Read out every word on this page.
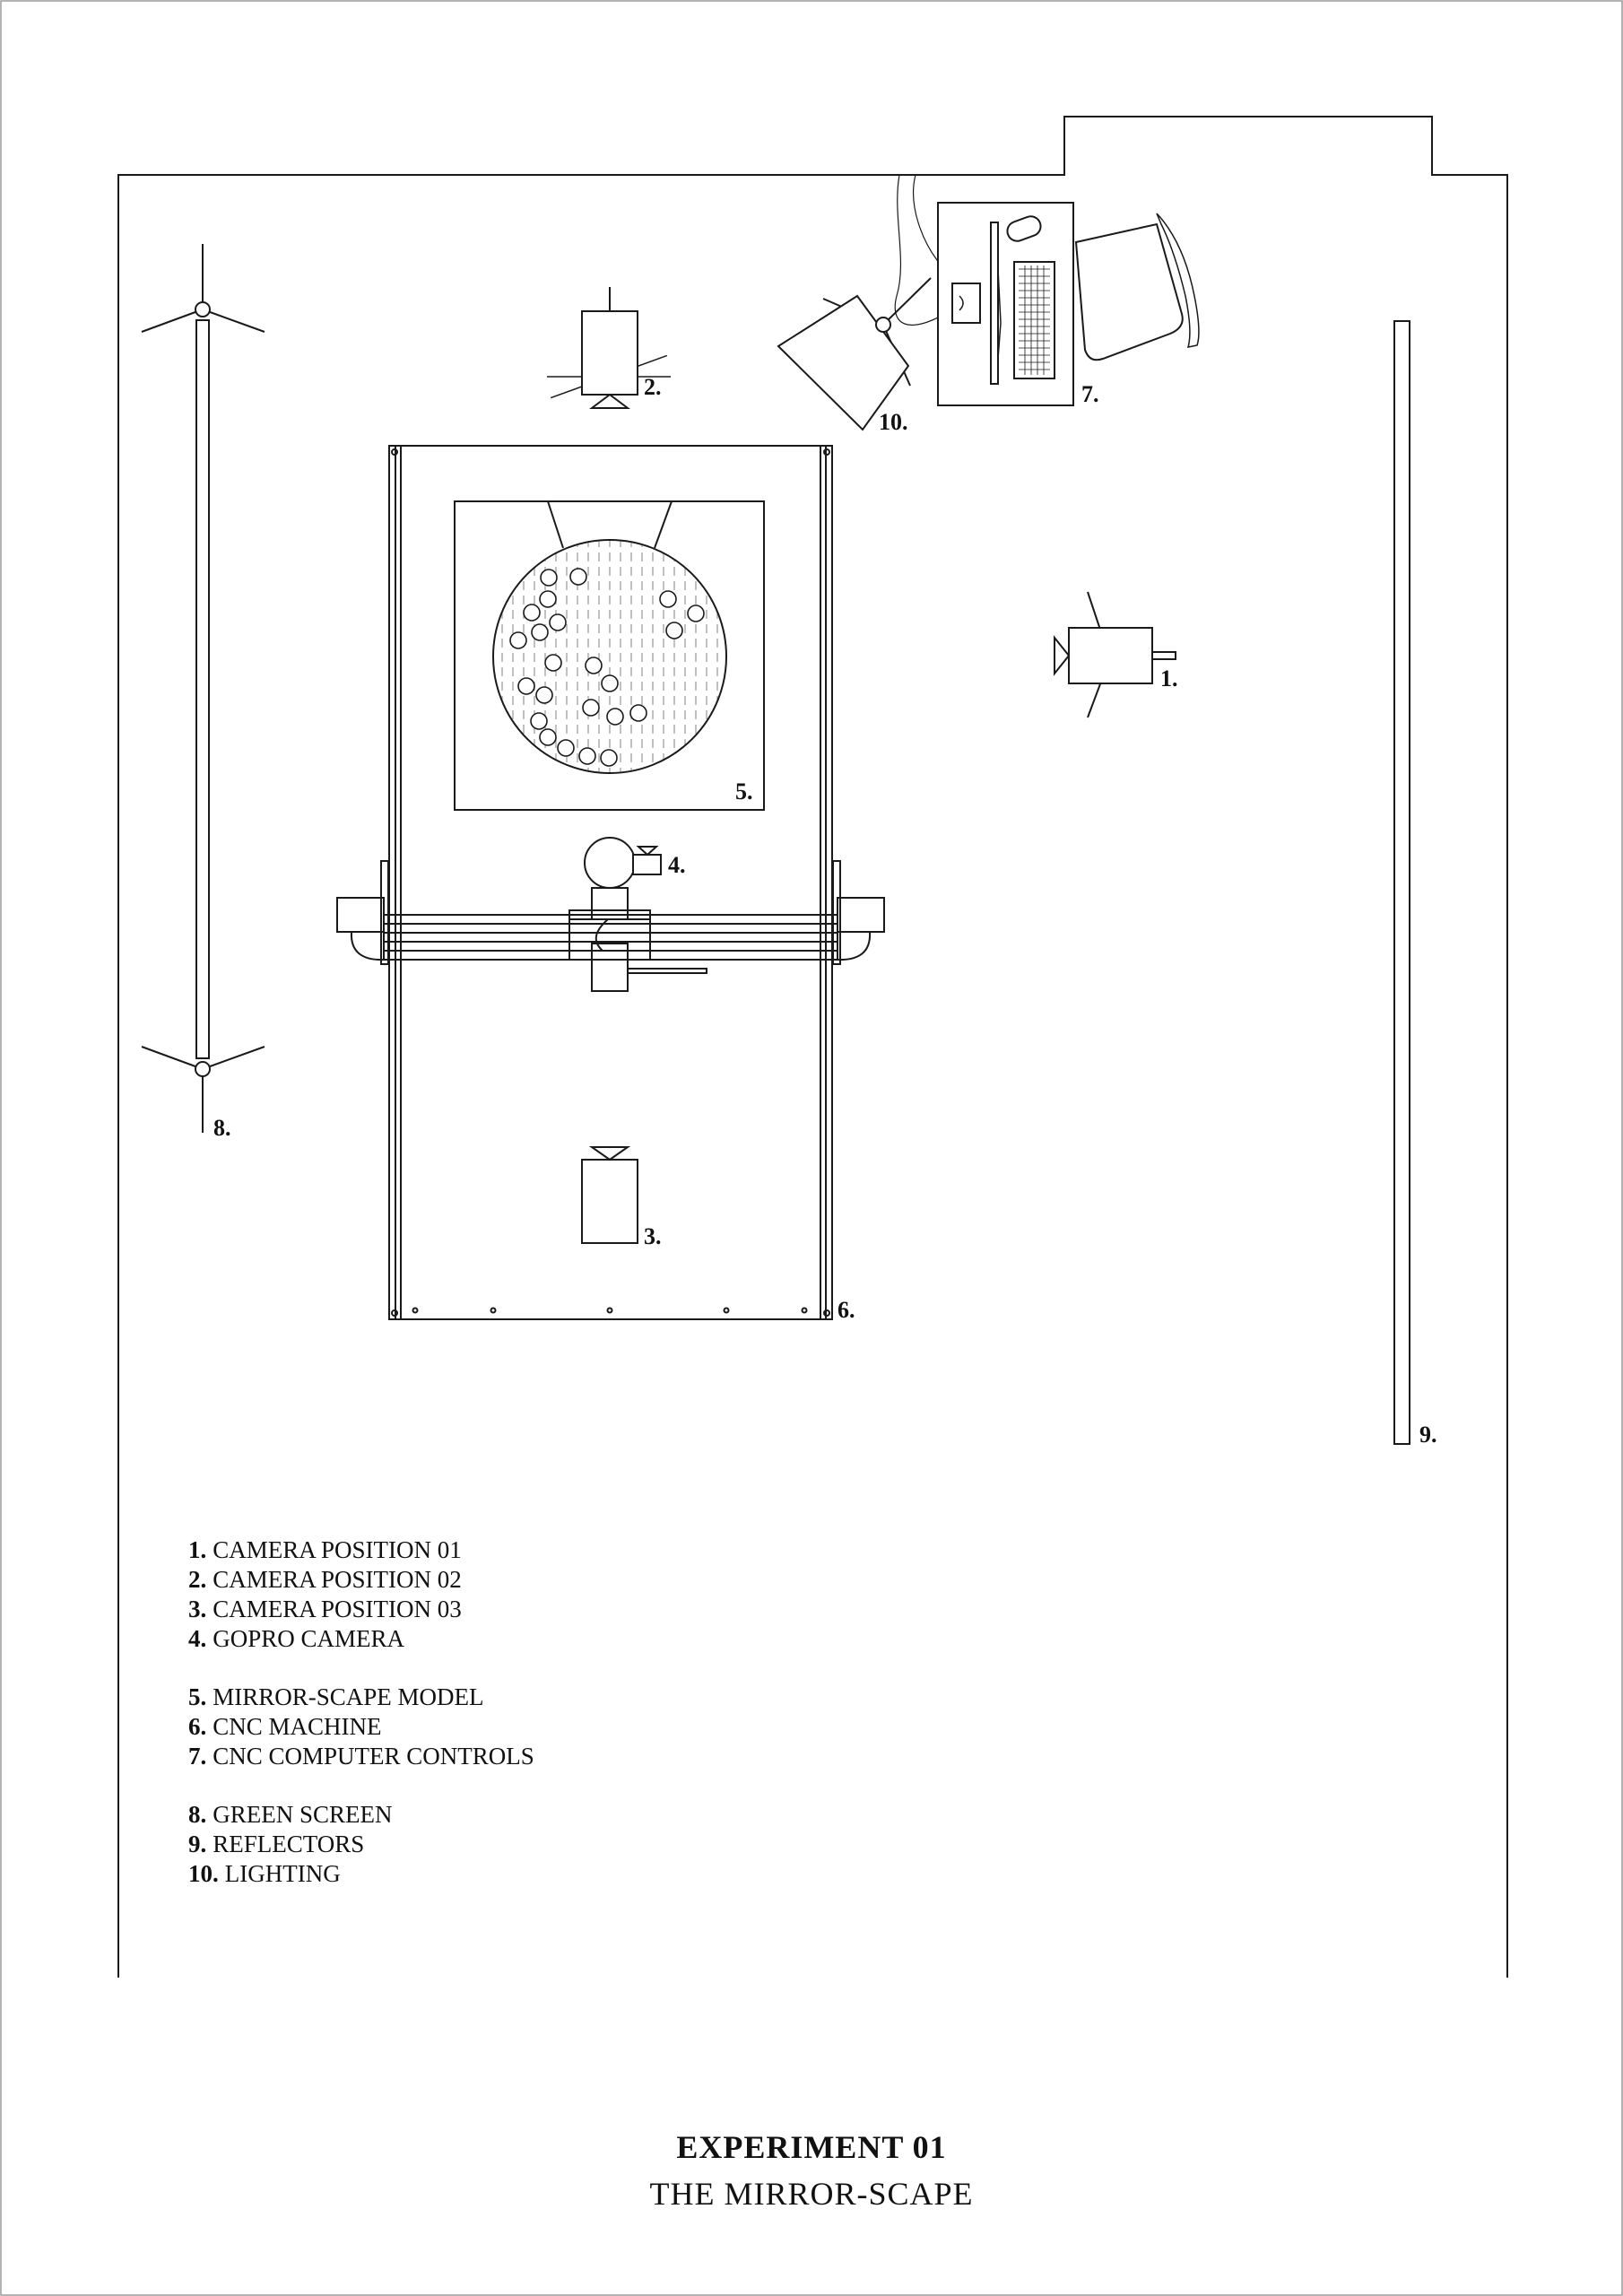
8.
2.
10.
7.
9.
1.
6.
4.
5.
3.
1. CAMERA POSITION 01
2. CAMERA POSITION 02
3. CAMERA POSITION 03
4. GOPRO CAMERA
5. MIRROR-SCAPE MODEL
6. CNC MACHINE
7. CNC COMPUTER CONTROLS
8. GREEN SCREEN
9. REFLECTORS
10. LIGHTING
EXPERIMENT 01
THE MIRROR-SCAPE
